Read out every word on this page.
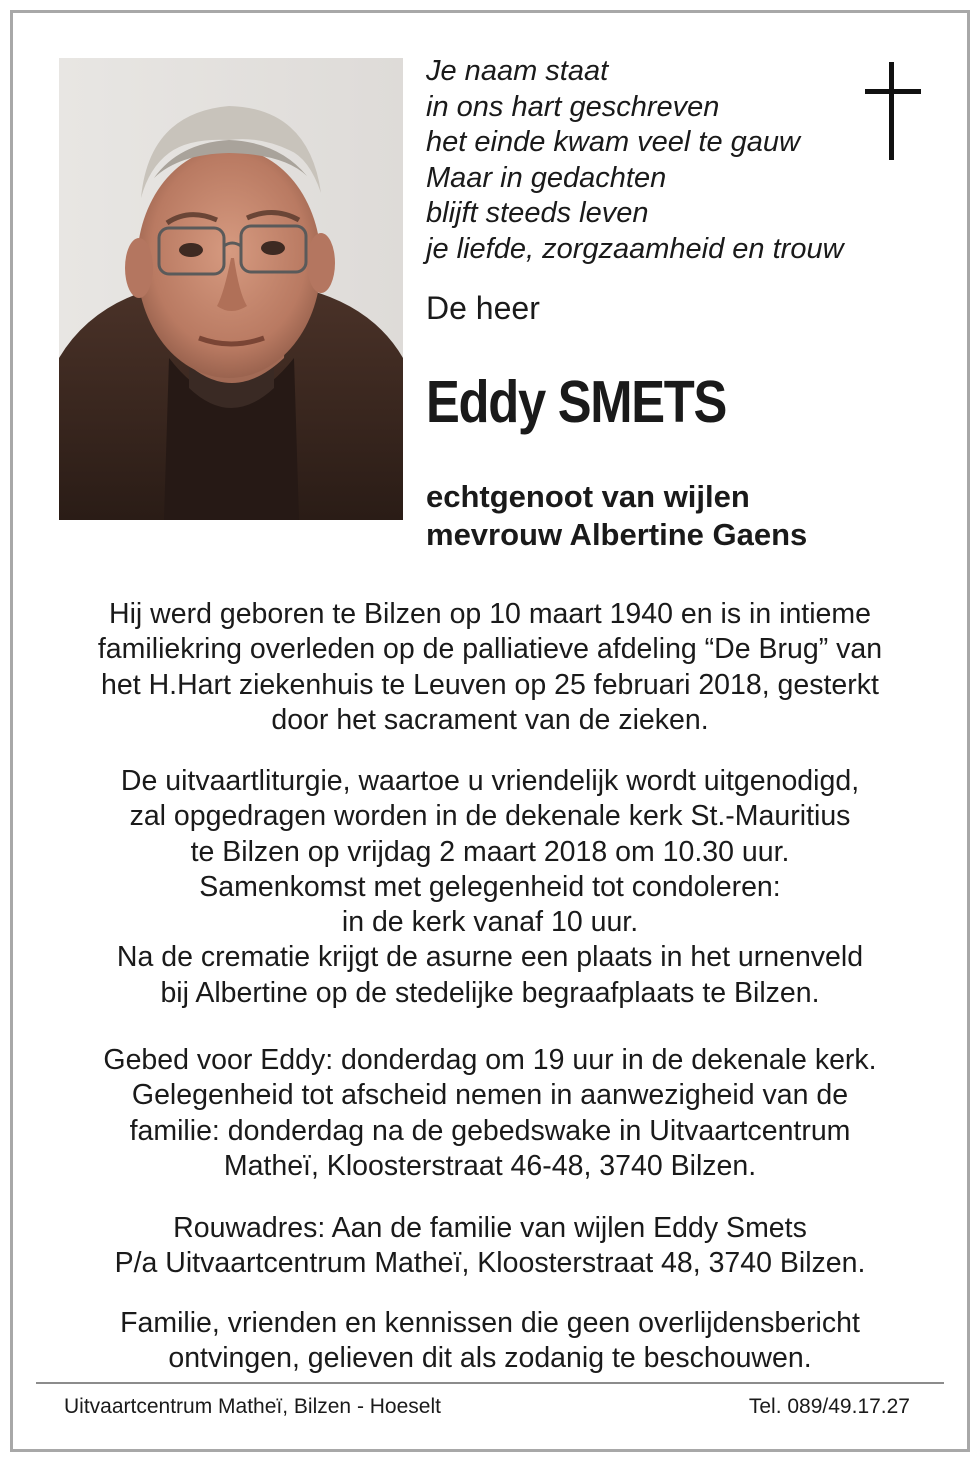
Je naam staat
in ons hart geschreven
het einde kwam veel te gauw
Maar in gedachten
blijft steeds leven
je liefde, zorgzaamheid en trouw
De heer
Eddy SMETS
echtgenoot van wijlen
mevrouw Albertine Gaens
Hij werd geboren te Bilzen op 10 maart 1940 en is in intieme
familiekring overleden op de palliatieve afdeling “De Brug” van
het H.Hart ziekenhuis te Leuven op 25 februari 2018, gesterkt
door het sacrament van de zieken.
De uitvaartliturgie, waartoe u vriendelijk wordt uitgenodigd,
zal opgedragen worden in de dekenale kerk St.-Mauritius
te Bilzen op vrijdag 2 maart 2018 om 10.30 uur.
Samenkomst met gelegenheid tot condoleren:
in de kerk vanaf 10 uur.
Na de crematie krijgt de asurne een plaats in het urnenveld
bij Albertine op de stedelijke begraafplaats te Bilzen.
Gebed voor Eddy: donderdag om 19 uur in de dekenale kerk.
Gelegenheid tot afscheid nemen in aanwezigheid van de
familie: donderdag na de gebedswake in Uitvaartcentrum
Matheï, Kloosterstraat 46-48, 3740 Bilzen.
Rouwadres: Aan de familie van wijlen Eddy Smets
P/a Uitvaartcentrum Matheï, Kloosterstraat 48, 3740 Bilzen.
Familie, vrienden en kennissen die geen overlijdensbericht
ontvingen, gelieven dit als zodanig te beschouwen.
Uitvaartcentrum Matheï, Bilzen - Hoeselt	Tel. 089/49.17.27
